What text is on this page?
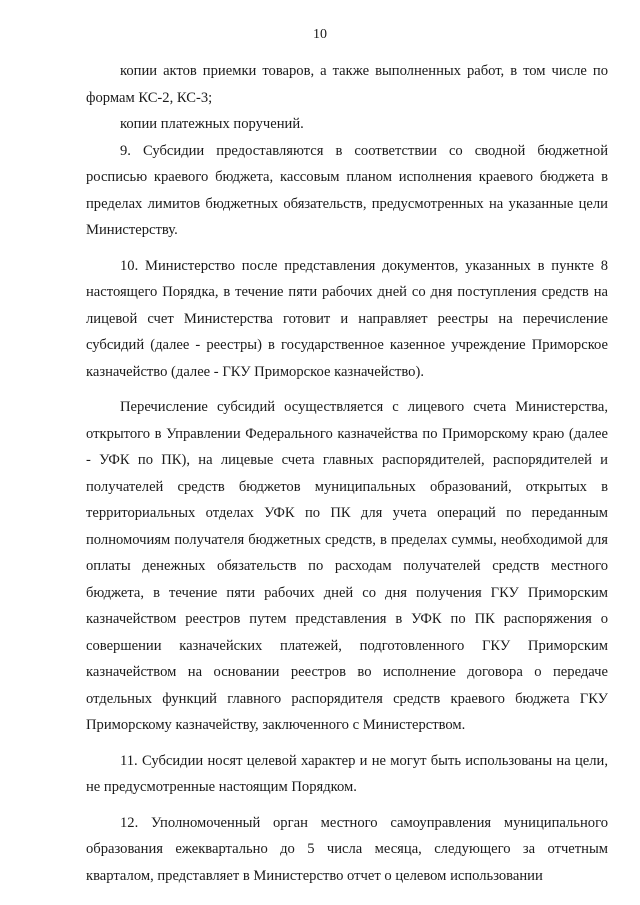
10

копии актов приемки товаров, а также выполненных работ, в том числе по формам КС-2, КС-3;

копии платежных поручений.

9. Субсидии предоставляются в соответствии со сводной бюджетной росписью краевого бюджета, кассовым планом исполнения краевого бюджета в пределах лимитов бюджетных обязательств, предусмотренных на указанные цели Министерству.

10. Министерство после представления документов, указанных в пункте 8 настоящего Порядка, в течение пяти рабочих дней со дня поступления средств на лицевой счет Министерства готовит и направляет реестры на перечисление субсидий (далее - реестры) в государственное казенное учреждение Приморское казначейство (далее - ГКУ Приморское казначейство).

Перечисление субсидий осуществляется с лицевого счета Министерства, открытого в Управлении Федерального казначейства по Приморскому краю (далее - УФК по ПК), на лицевые счета главных распорядителей, распорядителей и получателей средств бюджетов муниципальных образований, открытых в территориальных отделах УФК по ПК для учета операций по переданным полномочиям получателя бюджетных средств, в пределах суммы, необходимой для оплаты денежных обязательств по расходам получателей средств местного бюджета, в течение пяти рабочих дней со дня получения ГКУ Приморским казначейством реестров путем представления в УФК по ПК распоряжения о совершении казначейских платежей, подготовленного ГКУ Приморским казначейством на основании реестров во исполнение договора о передаче отдельных функций главного распорядителя средств краевого бюджета ГКУ Приморскому казначейству, заключенного с Министерством.

11. Субсидии носят целевой характер и не могут быть использованы на цели, не предусмотренные настоящим Порядком.

12. Уполномоченный орган местного самоуправления муниципального образования ежеквартально до 5 числа месяца, следующего за отчетным кварталом, представляет в Министерство отчет о целевом использовании
